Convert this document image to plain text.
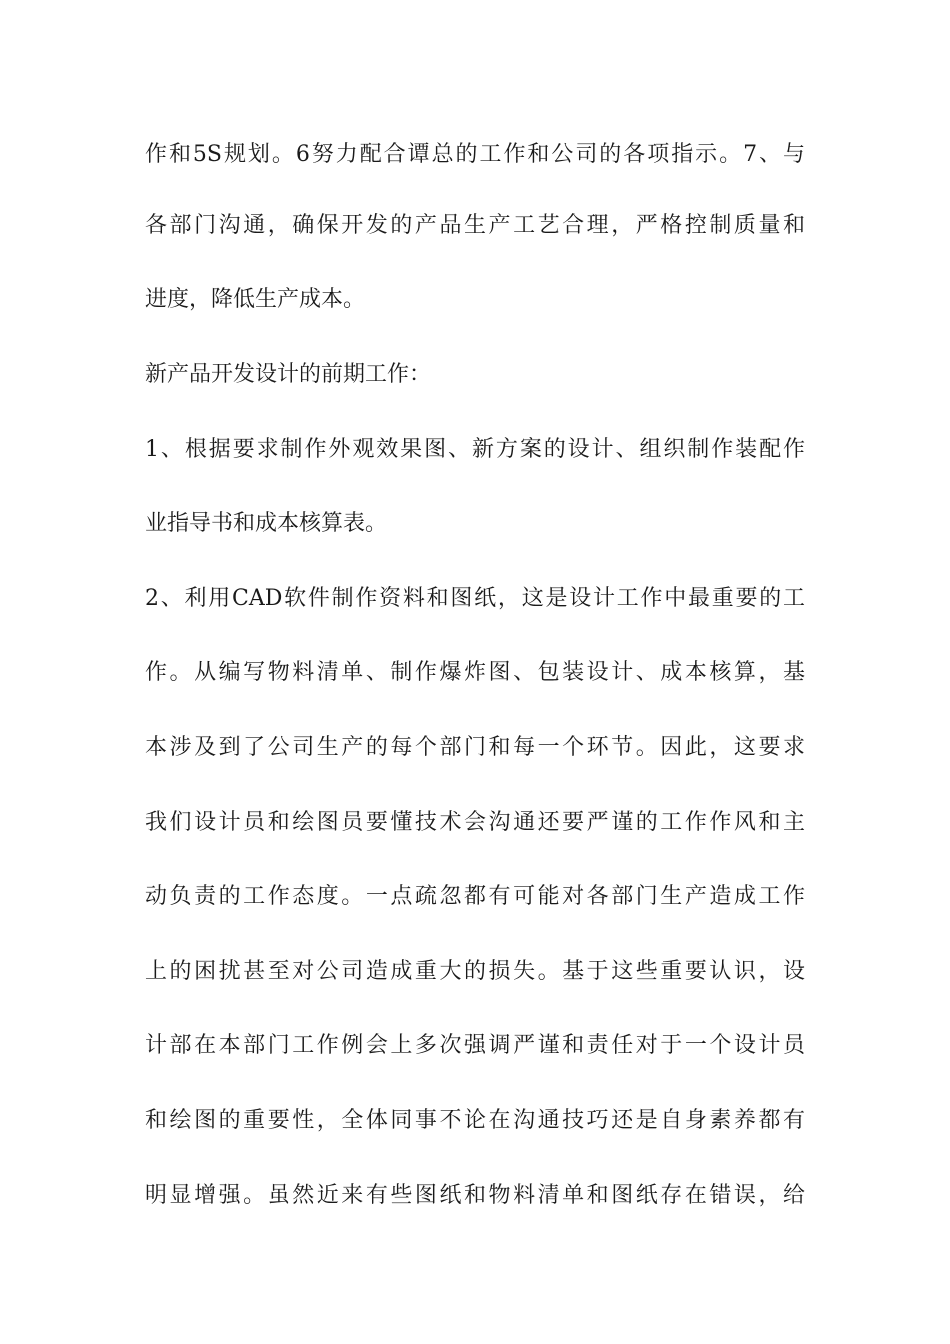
作和5S规划。6努力配合谭总的工作和公司的各项指示。7、与
各部门沟通，确保开发的产品生产工艺合理，严格控制质量和
进度，降低生产成本。
新产品开发设计的前期工作：
1、根据要求制作外观效果图、新方案的设计、组织制作装配作
业指导书和成本核算表。
2、利用CAD软件制作资料和图纸，这是设计工作中最重要的工
作。从编写物料清单、制作爆炸图、包装设计、成本核算，基
本涉及到了公司生产的每个部门和每一个环节。因此，这要求
我们设计员和绘图员要懂技术会沟通还要严谨的工作作风和主
动负责的工作态度。一点疏忽都有可能对各部门生产造成工作
上的困扰甚至对公司造成重大的损失。基于这些重要认识，设
计部在本部门工作例会上多次强调严谨和责任对于一个设计员
和绘图的重要性，全体同事不论在沟通技巧还是自身素养都有
明显增强。虽然近来有些图纸和物料清单和图纸存在错误，给
